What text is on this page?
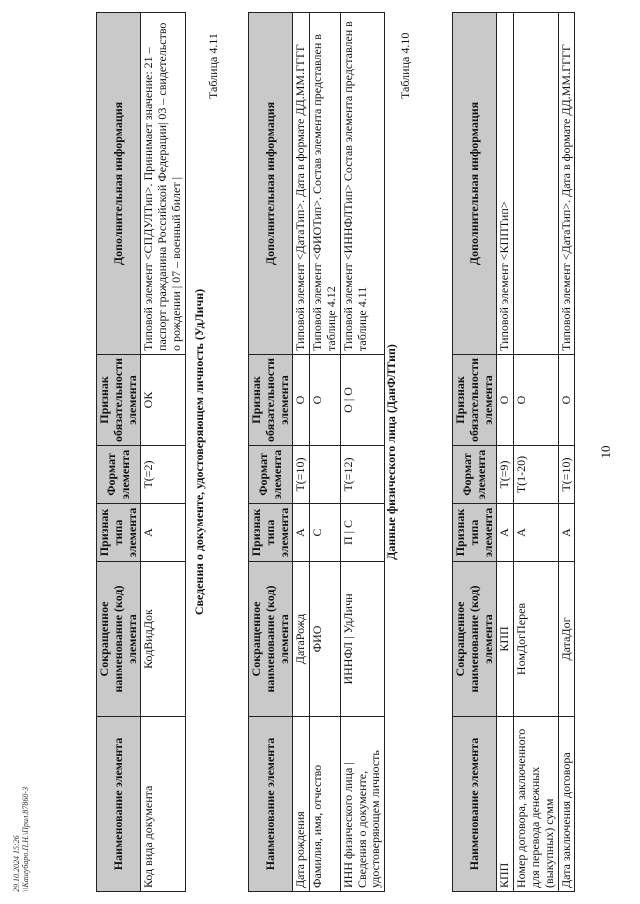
10
Наименование элемента	Сокращенное наименование (код) элемента	Признак типа элемента	Формат элемента	Признак обязательности элемента	Дополнительная информация
КПП	КПП	А	T(=9)	О	Типовой элемент <КППТип>
Номер договора, заключенного для перевода денежных (выкупных) сумм	НомДогПерев	А	T(1-20)	О	
Дата заключения договора	ДатаДог	А	T(=10)	О	Типовой элемент <ДатаТип>. Дата в формате ДД.ММ.ГГГГ
Таблица 4.10
Данные физического лица (ДанФЛТип)
Наименование элемента	Сокращенное наименование (код) элемента	Признак типа элемента	Формат элемента	Признак обязательности элемента	Дополнительная информация
Дата рождения	ДатаРожд	А	T(=10)	О	Типовой элемент <ДатаТип>. Дата в формате ДД.ММ.ГГГГ
Фамилия, имя, отчество	ФИО	С		О	Типовой элемент <ФИОТип>. Состав элемента представлен в таблице 4.12
ИНН физического лица | Сведения о документе, удостоверяющем личность	ИННФЛ | УдЛичн	П | С	T(=12)	О | О	Типовой элемент <ИННФЛТип> Состав элемента представлен в таблице 4.11
Таблица 4.11
Сведения о документе, удостоверяющем личность (УдЛичн)
Наименование элемента	Сокращенное наименование (код) элемента	Признак типа элемента	Формат элемента	Признак обязательности элемента	Дополнительная информация
Код вида документа	КодВидДок	А	T(=2)	ОК	Типовой элемент <СПДУЛТип>. Принимает значение: 21 – паспорт гражданина Российской Федерации| 03 – свидетельство о рождении | 07 – военный билет |
29.10.2024 15:26 \\Кашубаро.П.Н.\Прил.87860-3
